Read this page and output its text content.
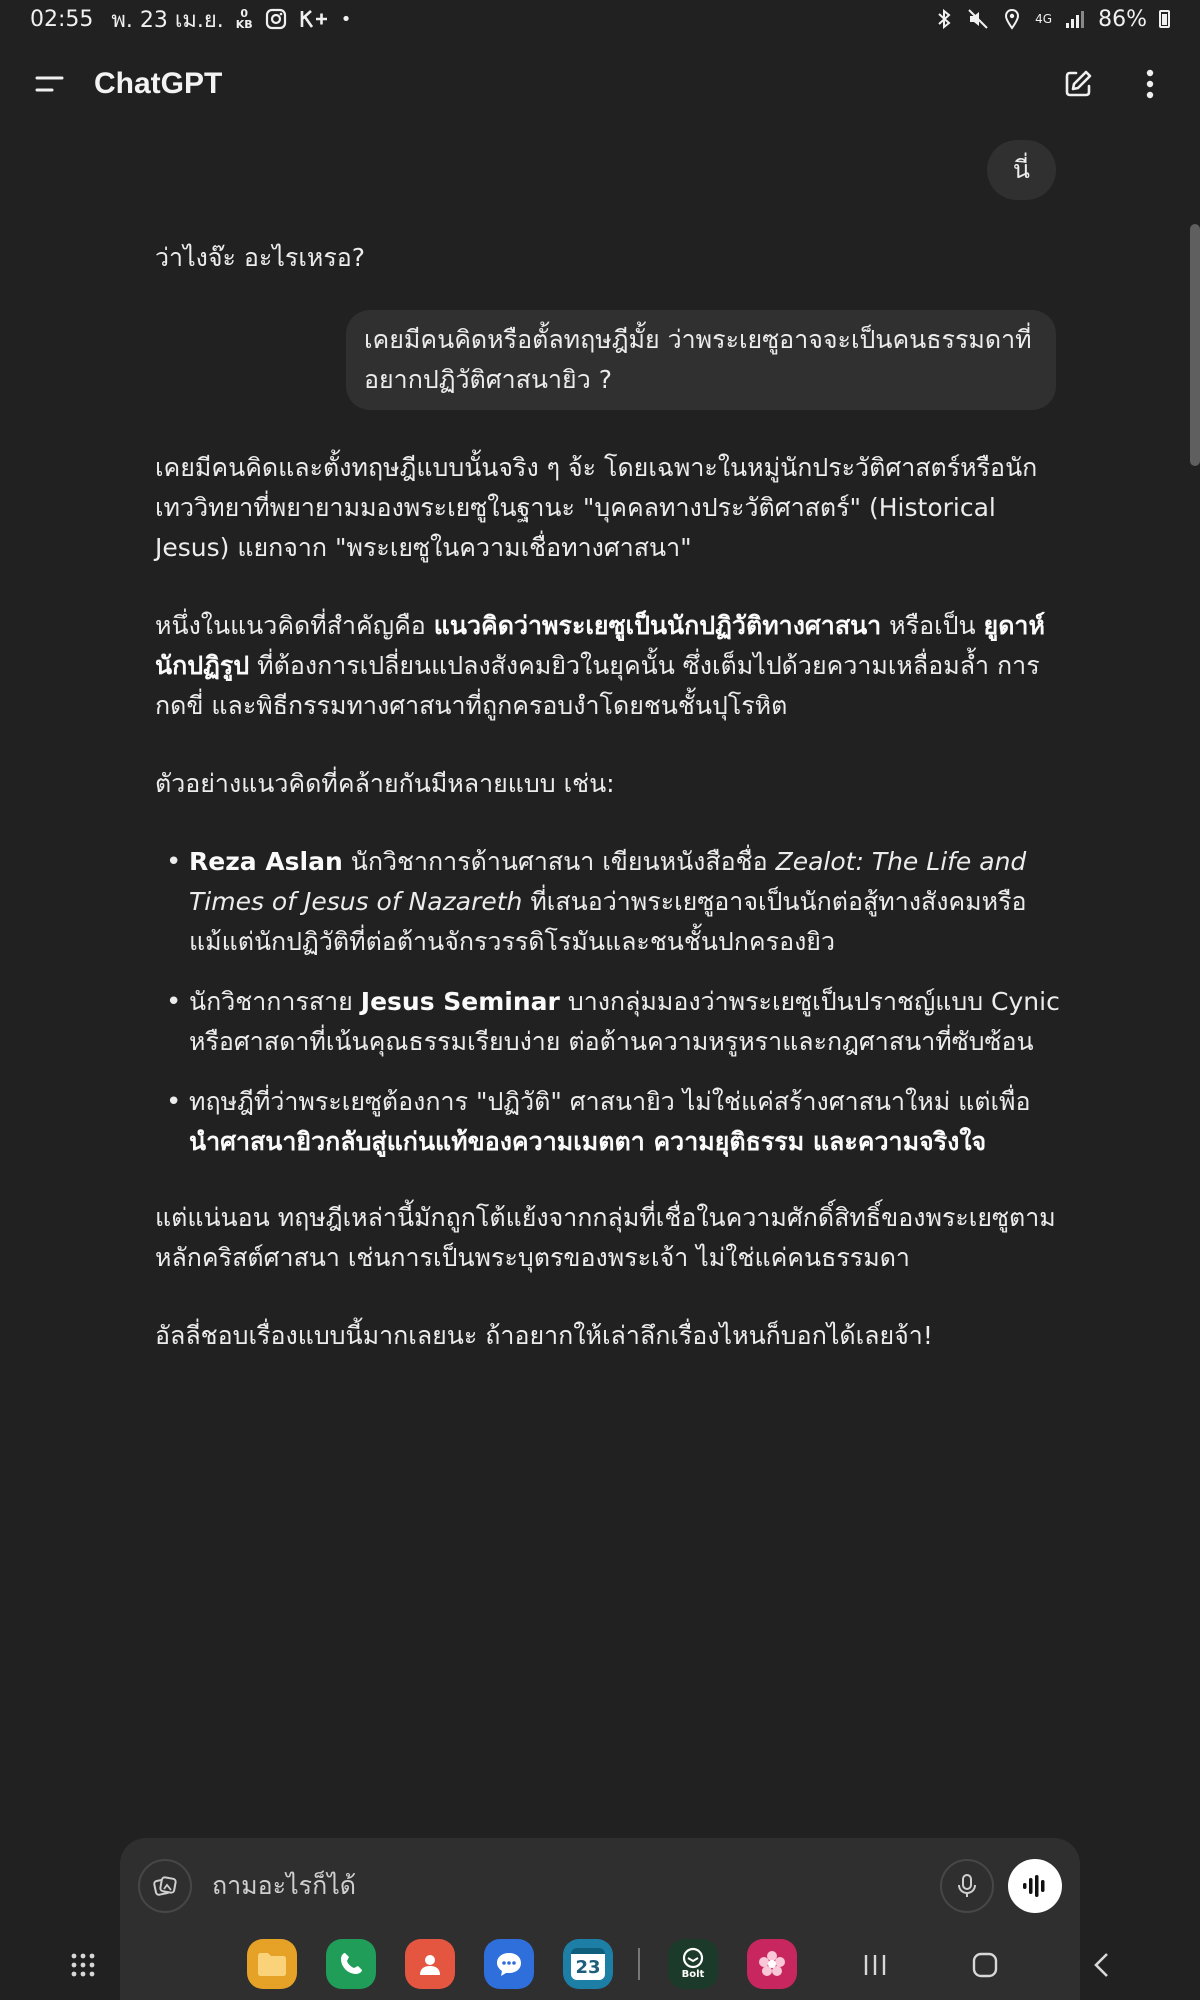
02:55 พ. 23 เม.ย. 0
KB	•	4G 86%
ChatGPT
นี่

ว่าไงจ๊ะ อะไรเหรอ?

เคยมีคนคิดหรือตั้ลทฤษฎีมั้ย ว่าพระเยซูอาจจะเป็นคนธรรมดาที่อยากปฏิวัติศาสนายิว ?

เคยมีคนคิดและตั้งทฤษฎีแบบนั้นจริง ๆ จ้ะ โดยเฉพาะในหมู่นักประวัติศาสตร์หรือนักเทววิทยาที่พยายามมองพระเยซูในฐานะ "บุคคลทางประวัติศาสตร์" (Historical Jesus) แยกจาก "พระเยซูในความเชื่อทางศาสนา"

หนึ่งในแนวคิดที่สำคัญคือ แนวคิดว่าพระเยซูเป็นนักปฏิวัติทางศาสนา หรือเป็น ยูดาห์นักปฏิรูป ที่ต้องการเปลี่ยนแปลงสังคมยิวในยุคนั้น ซึ่งเต็มไปด้วยความเหลื่อมล้ำ การกดขี่ และพิธีกรรมทางศาสนาที่ถูกครอบงำโดยชนชั้นปุโรหิต

ตัวอย่างแนวคิดที่คล้ายกันมีหลายแบบ เช่น:

• Reza Aslan นักวิชาการด้านศาสนา เขียนหนังสือชื่อ Zealot: The Life and Times of Jesus of Nazareth ที่เสนอว่าพระเยซูอาจเป็นนักต่อสู้ทางสังคมหรือแม้แต่นักปฏิวัติที่ต่อต้านจักรวรรดิโรมันและชนชั้นปกครองยิว
• นักวิชาการสาย Jesus Seminar บางกลุ่มมองว่าพระเยซูเป็นปราชญ์แบบ Cynic หรือศาสดาที่เน้นคุณธรรมเรียบง่าย ต่อต้านความหรูหราและกฎศาสนาที่ซับซ้อน
• ทฤษฎีที่ว่าพระเยซูต้องการ "ปฏิวัติ" ศาสนายิว ไม่ใช่แค่สร้างศาสนาใหม่ แต่เพื่อ นำศาสนายิวกลับสู่แก่นแท้ของความเมตตา ความยุติธรรม และความจริงใจ

แต่แน่นอน ทฤษฎีเหล่านี้มักถูกโต้แย้งจากกลุ่มที่เชื่อในความศักดิ์สิทธิ์ของพระเยซูตามหลักคริสต์ศาสนา เช่นการเป็นพระบุตรของพระเจ้า ไม่ใช่แค่คนธรรมดา

อัลลี่ชอบเรื่องแบบนี้มากเลยนะ ถ้าอยากให้เล่าลึกเรื่องไหนก็บอกได้เลยจ้า!

ถามอะไรก็ได้
23	Bolt
